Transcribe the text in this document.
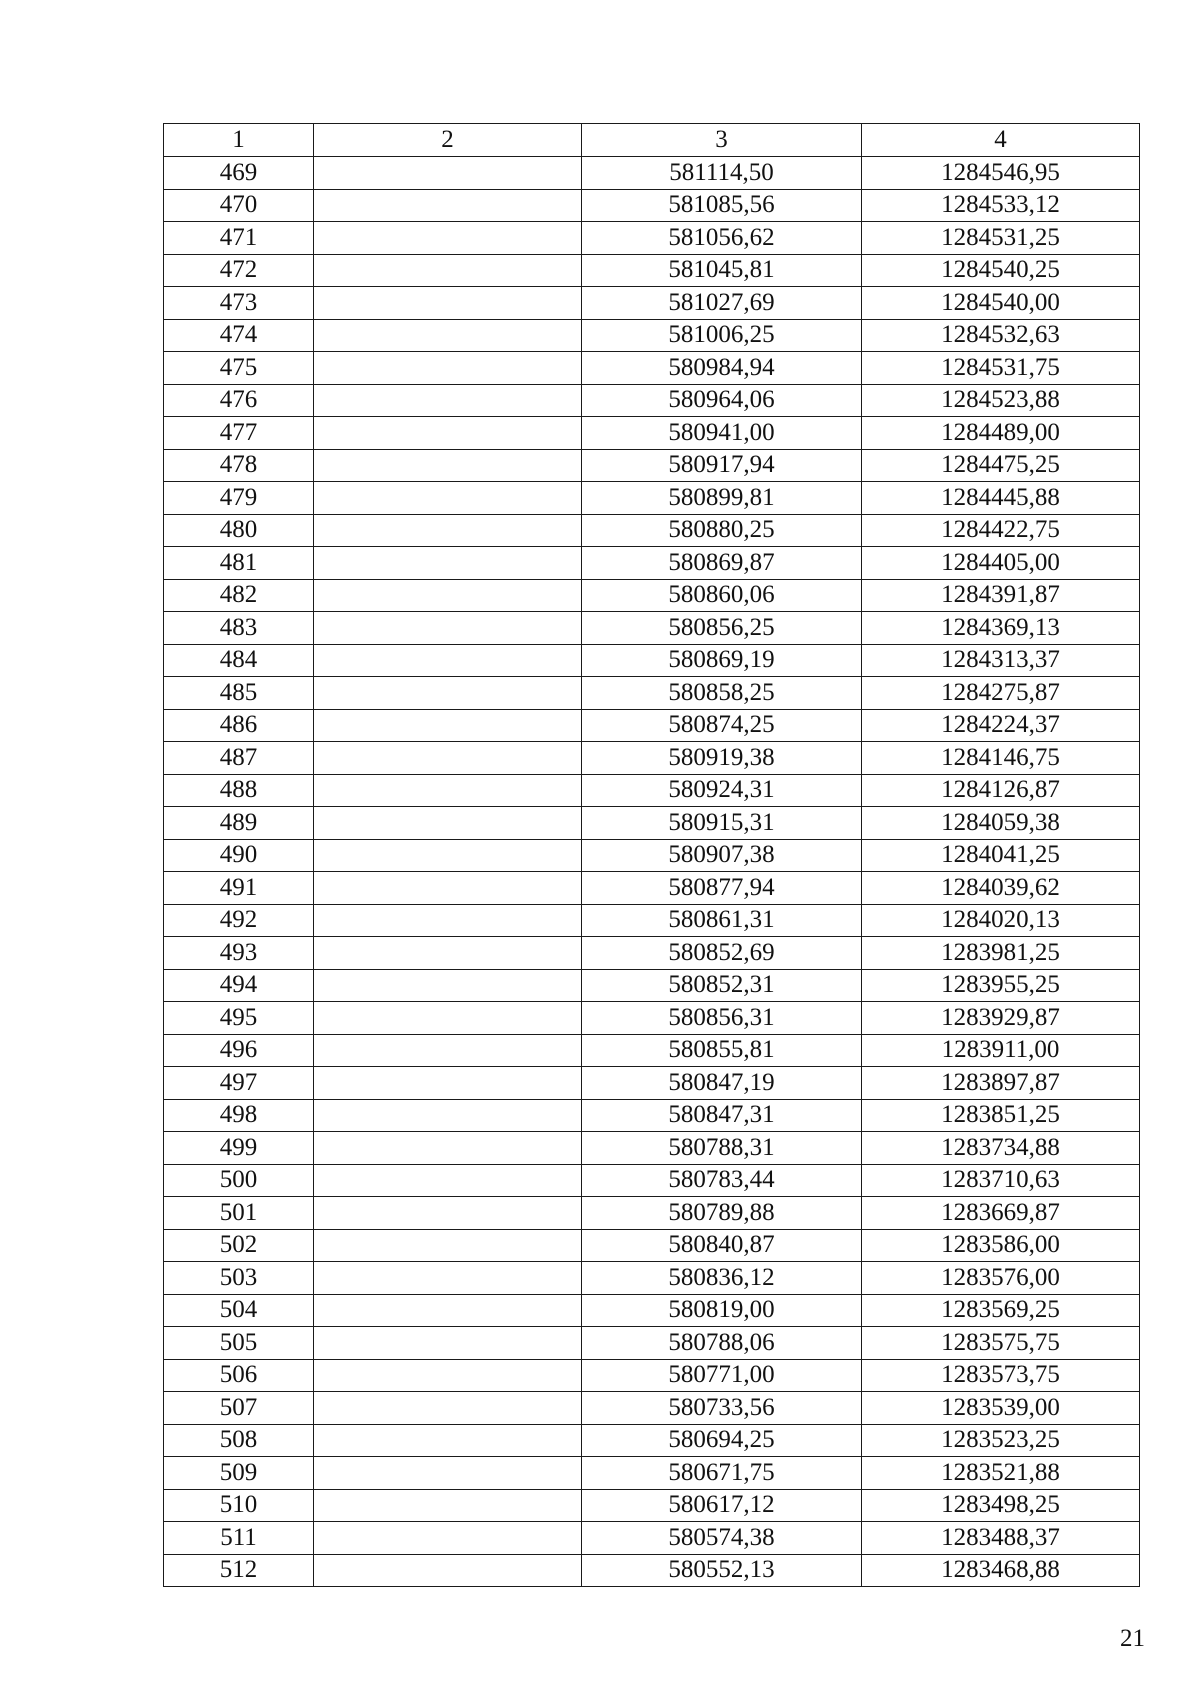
1	2	3	4
469		581114,50	1284546,95
470		581085,56	1284533,12
471		581056,62	1284531,25
472		581045,81	1284540,25
473		581027,69	1284540,00
474		581006,25	1284532,63
475		580984,94	1284531,75
476		580964,06	1284523,88
477		580941,00	1284489,00
478		580917,94	1284475,25
479		580899,81	1284445,88
480		580880,25	1284422,75
481		580869,87	1284405,00
482		580860,06	1284391,87
483		580856,25	1284369,13
484		580869,19	1284313,37
485		580858,25	1284275,87
486		580874,25	1284224,37
487		580919,38	1284146,75
488		580924,31	1284126,87
489		580915,31	1284059,38
490		580907,38	1284041,25
491		580877,94	1284039,62
492		580861,31	1284020,13
493		580852,69	1283981,25
494		580852,31	1283955,25
495		580856,31	1283929,87
496		580855,81	1283911,00
497		580847,19	1283897,87
498		580847,31	1283851,25
499		580788,31	1283734,88
500		580783,44	1283710,63
501		580789,88	1283669,87
502		580840,87	1283586,00
503		580836,12	1283576,00
504		580819,00	1283569,25
505		580788,06	1283575,75
506		580771,00	1283573,75
507		580733,56	1283539,00
508		580694,25	1283523,25
509		580671,75	1283521,88
510		580617,12	1283498,25
511		580574,38	1283488,37
512		580552,13	1283468,88
21
